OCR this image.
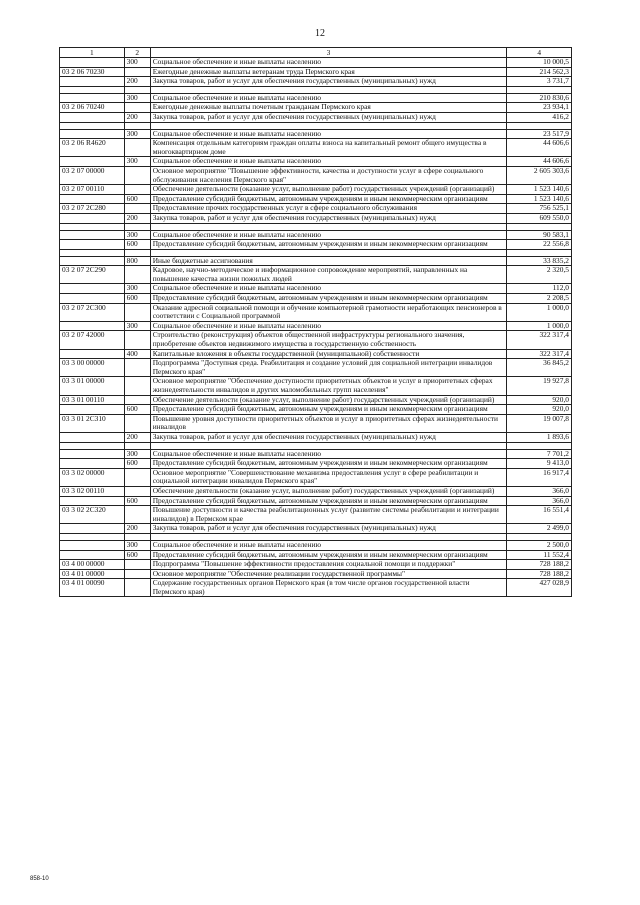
12
1	2	3	4
	300	Социальное обеспечение и иные выплаты населению	10 000,5
03 2 06 70230		Ежегодные денежные выплаты ветеранам труда Пермского края	214 562,3
	200	Закупка товаров, работ и услуг для обеспечения государственных (муниципальных) нужд	3 731,7

	300	Социальное обеспечение и иные выплаты населению	210 830,6
03 2 06 70240		Ежегодные денежные выплаты почетным гражданам Пермского края	23 934,1
	200	Закупка товаров, работ и услуг для обеспечения государственных (муниципальных) нужд	416,2

	300	Социальное обеспечение и иные выплаты населению	23 517,9
03 2 06 R4620		Компенсация отдельным категориям граждан оплаты взноса на капитальный ремонт общего имущества в многоквартирном доме	44 606,6
	300	Социальное обеспечение и иные выплаты населению	44 606,6
03 2 07 00000		Основное мероприятие "Повышение эффективности, качества и доступности услуг в сфере социального обслуживания населения Пермского края"	2 605 303,6
03 2 07 00110		Обеспечение деятельности (оказание услуг, выполнение работ) государственных учреждений (организаций)	1 523 140,6
	600	Предоставление субсидий бюджетным, автономным учреждениям и иным некоммерческим организациям	1 523 140,6
03 2 07 2С280		Предоставление прочих государственных услуг в сфере социального обслуживания	756 525,1
	200	Закупка товаров, работ и услуг для обеспечения государственных (муниципальных) нужд	609 550,0

	300	Социальное обеспечение и иные выплаты населению	90 583,1
	600	Предоставление субсидий бюджетным, автономным учреждениям и иным некоммерческим организациям	22 556,8

	800	Иные бюджетные ассигнования	33 835,2
03 2 07 2С290		Кадровое, научно-методическое и информационное сопровождение мероприятий, направленных на повышение качества жизни пожилых людей	2 320,5
	300	Социальное обеспечение и иные выплаты населению	112,0
	600	Предоставление субсидий бюджетным, автономным учреждениям и иным некоммерческим организациям	2 208,5
03 2 07 2С300		Оказание адресной социальной помощи и обучение компьютерной грамотности неработающих пенсионеров в соответствии с Социальной программой	1 000,0
	300	Социальное обеспечение и иные выплаты населению	1 000,0
03 2 07 42000		Строительство (реконструкция) объектов общественной инфраструктуры регионального значения, приобретение объектов недвижимого имущества в государственную собственность	322 317,4
	400	Капитальные вложения в объекты государственной (муниципальной) собственности	322 317,4
03 3 00 00000		Подпрограмма "Доступная среда. Реабилитация и создание условий для социальной интеграции инвалидов Пермского края"	36 845,2
03 3 01 00000		Основное мероприятие "Обеспечение доступности приоритетных объектов и услуг в приоритетных сферах жизнедеятельности инвалидов и других маломобильных групп населения"	19 927,8
03 3 01 00110		Обеспечение деятельности (оказание услуг, выполнение работ) государственных учреждений (организаций)	920,0
	600	Предоставление субсидий бюджетным, автономным учреждениям и иным некоммерческим организациям	920,0
03 3 01 2С310		Повышение уровня доступности приоритетных объектов и услуг в приоритетных сферах жизнедеятельности инвалидов	19 007,8
	200	Закупка товаров, работ и услуг для обеспечения государственных (муниципальных) нужд	1 893,6

	300	Социальное обеспечение и иные выплаты населению	7 701,2
	600	Предоставление субсидий бюджетным, автономным учреждениям и иным некоммерческим организациям	9 413,0
03 3 02 00000		Основное мероприятие "Совершенствование механизма предоставления услуг в сфере реабилитации и социальной интеграции инвалидов Пермского края"	16 917,4
03 3 02 00110		Обеспечение деятельности (оказание услуг, выполнение работ) государственных учреждений (организаций)	366,0
	600	Предоставление субсидий бюджетным, автономным учреждениям и иным некоммерческим организациям	366,0
03 3 02 2С320		Повышение доступности и качества реабилитационных услуг (развитие системы реабилитации и интеграции инвалидов) в Пермском крае	16 551,4
	200	Закупка товаров, работ и услуг для обеспечения государственных (муниципальных) нужд	2 499,0

	300	Социальное обеспечение и иные выплаты населению	2 500,0
	600	Предоставление субсидий бюджетным, автономным учреждениям и иным некоммерческим организациям	11 552,4
03 4 00 00000		Подпрограмма "Повышение эффективности предоставления социальной помощи и поддержки"	728 188,2
03 4 01 00000		Основное мероприятие "Обеспечение реализации государственной программы"	728 188,2
03 4 01 00090		Содержание государственных органов Пермского края (в том числе органов государственной власти Пермского края)	427 028,9
858-10
